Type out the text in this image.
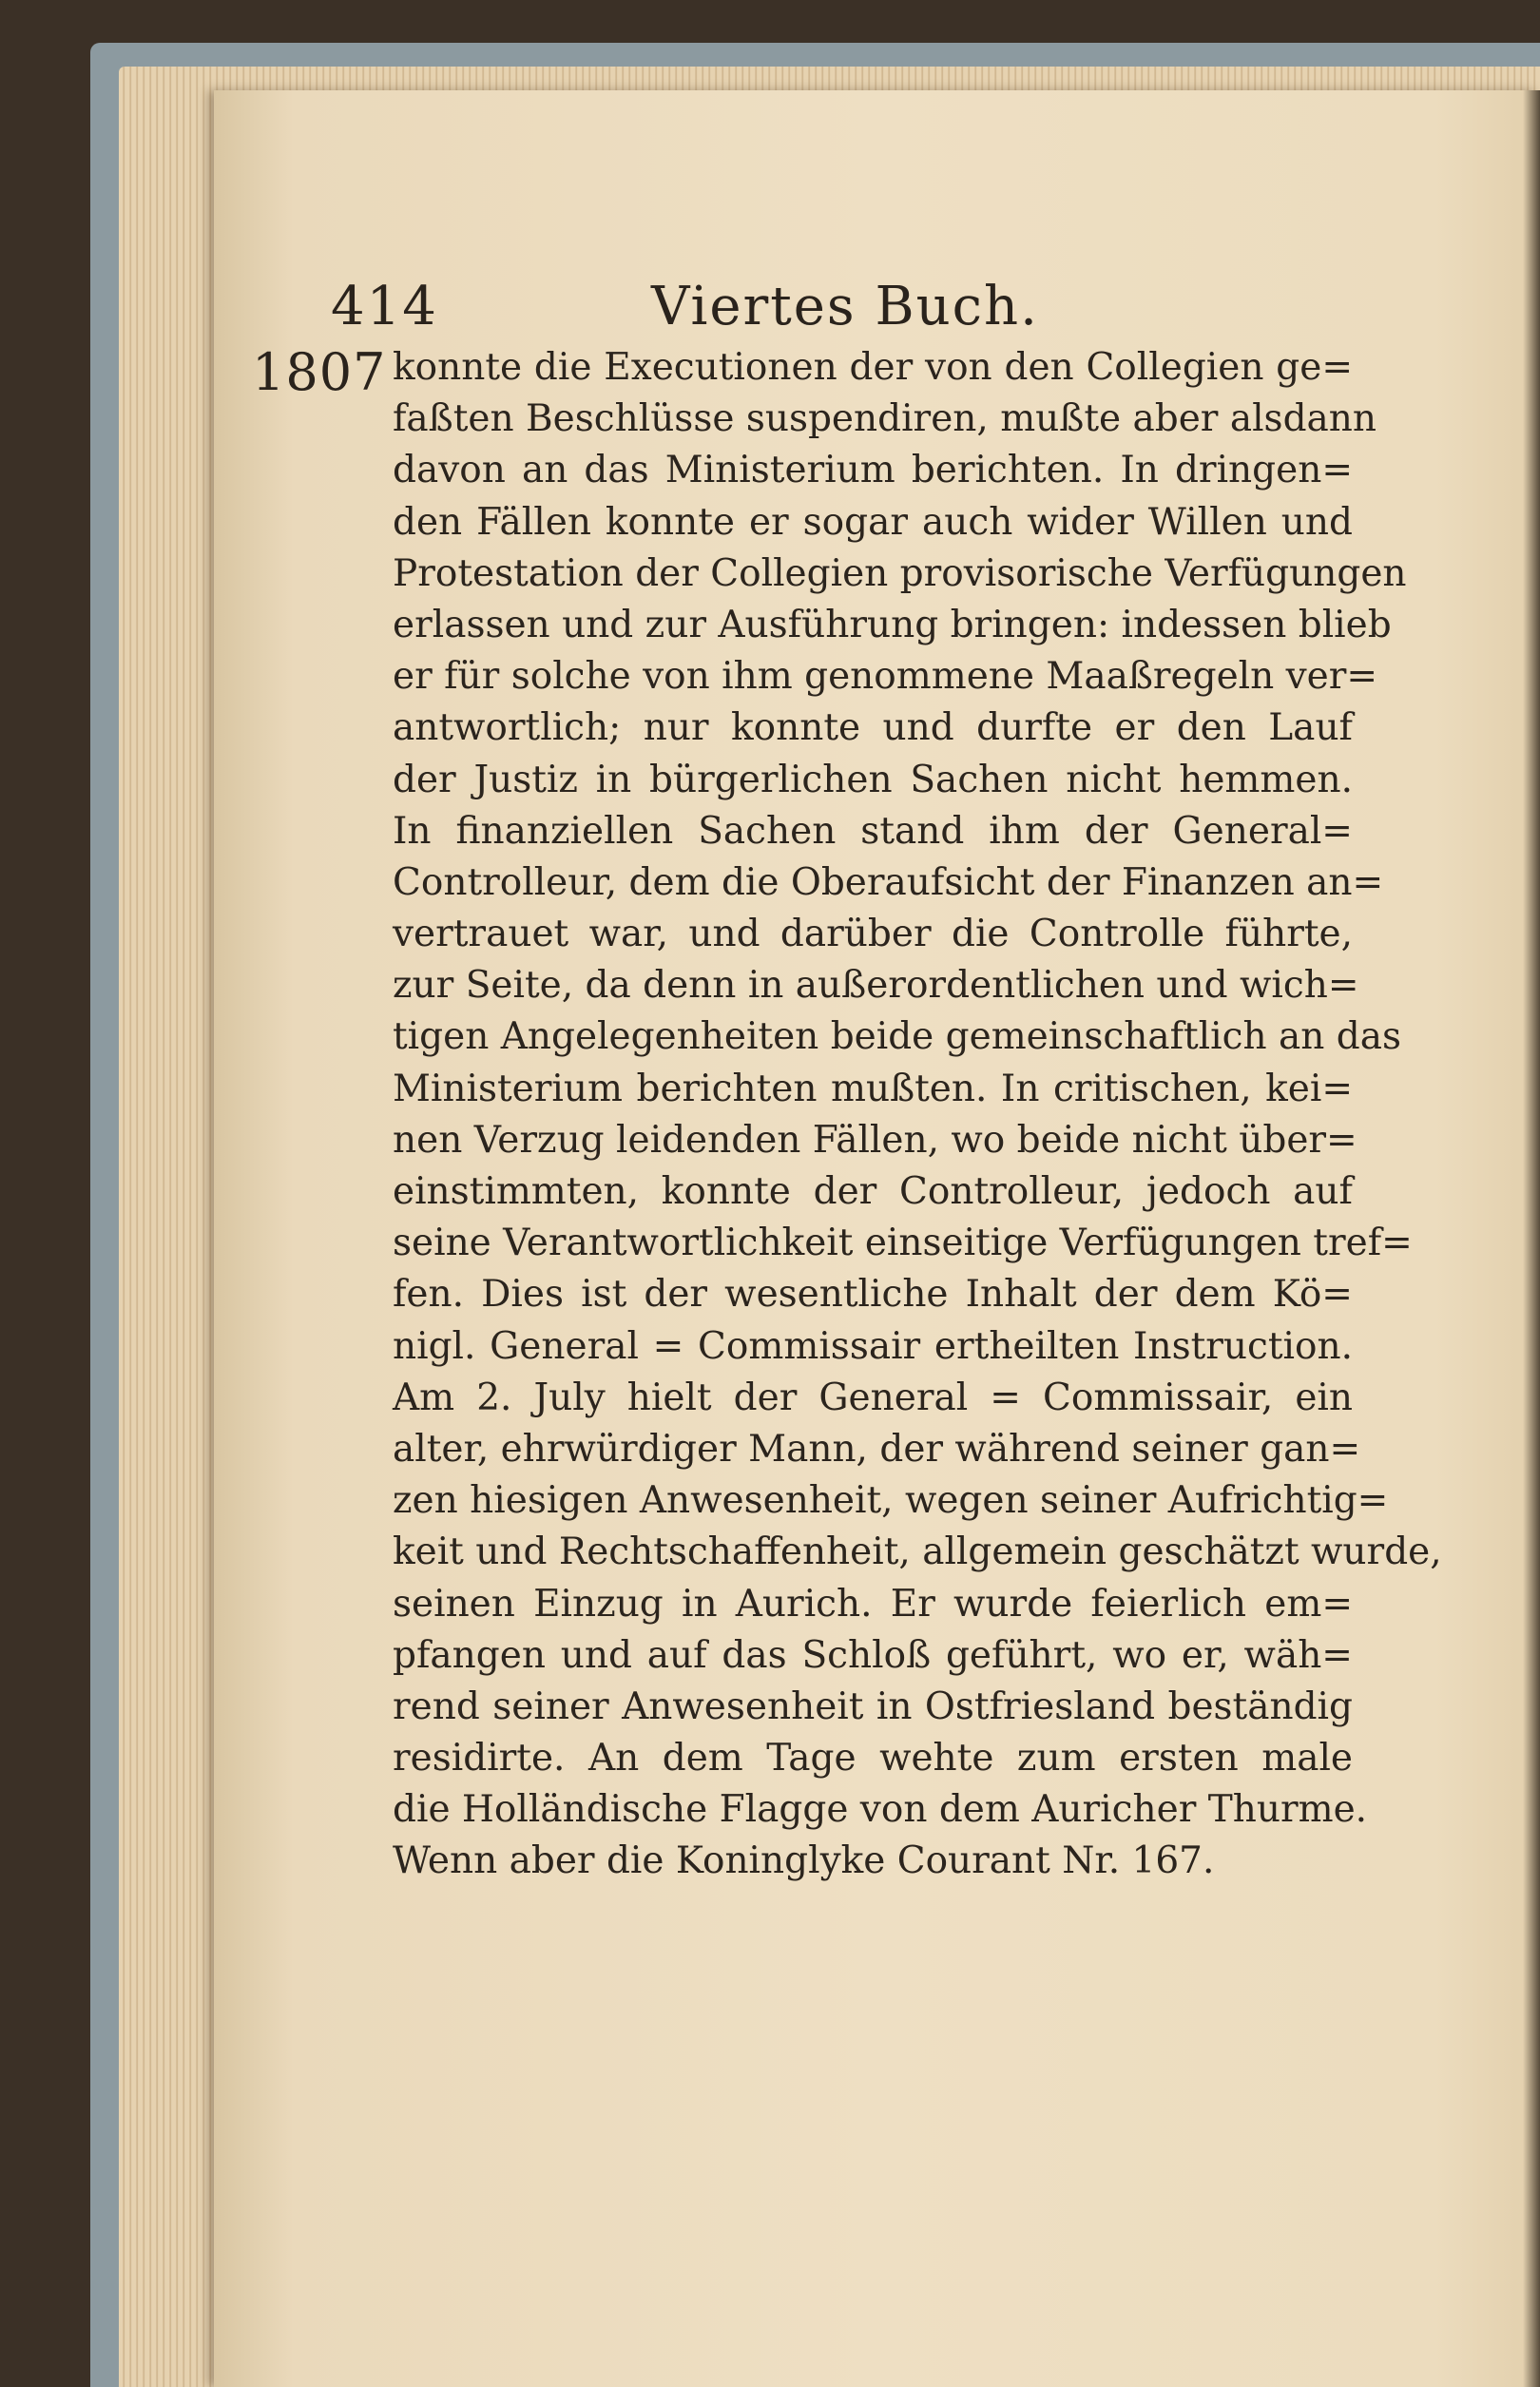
414	Viertes Buch.
1807 konnte die Executionen der von den Collegien ge=
faßten Beschlüsse suspendiren, mußte aber alsdann
davon an das Ministerium berichten. In dringen=
den Fällen konnte er sogar auch wider Willen und
Protestation der Collegien provisorische Verfügungen
erlassen und zur Ausführung bringen: indessen blieb
er für solche von ihm genommene Maaßregeln ver=
antwortlich; nur konnte und durfte er den Lauf
der Justiz in bürgerlichen Sachen nicht hemmen.
In finanziellen Sachen stand ihm der General=
Controlleur, dem die Oberaufsicht der Finanzen an=
vertrauet war, und darüber die Controlle führte,
zur Seite, da denn in außerordentlichen und wich=
tigen Angelegenheiten beide gemeinschaftlich an das
Ministerium berichten mußten. In critischen, kei=
nen Verzug leidenden Fällen, wo beide nicht über=
einstimmten, konnte der Controlleur, jedoch auf
seine Verantwortlichkeit einseitige Verfügungen tref=
fen. Dies ist der wesentliche Inhalt der dem Kö=
nigl. General = Commissair ertheilten Instruction.
Am 2. July hielt der General = Commissair, ein
alter, ehrwürdiger Mann, der während seiner gan=
zen hiesigen Anwesenheit, wegen seiner Aufrichtig=
keit und Rechtschaffenheit, allgemein geschätzt wurde,
seinen Einzug in Aurich. Er wurde feierlich em=
pfangen und auf das Schloß geführt, wo er, wäh=
rend seiner Anwesenheit in Ostfriesland beständig
residirte. An dem Tage wehte zum ersten male
die Holländische Flagge von dem Auricher Thurme.
Wenn aber die Koninglyke Courant Nr. 167.
